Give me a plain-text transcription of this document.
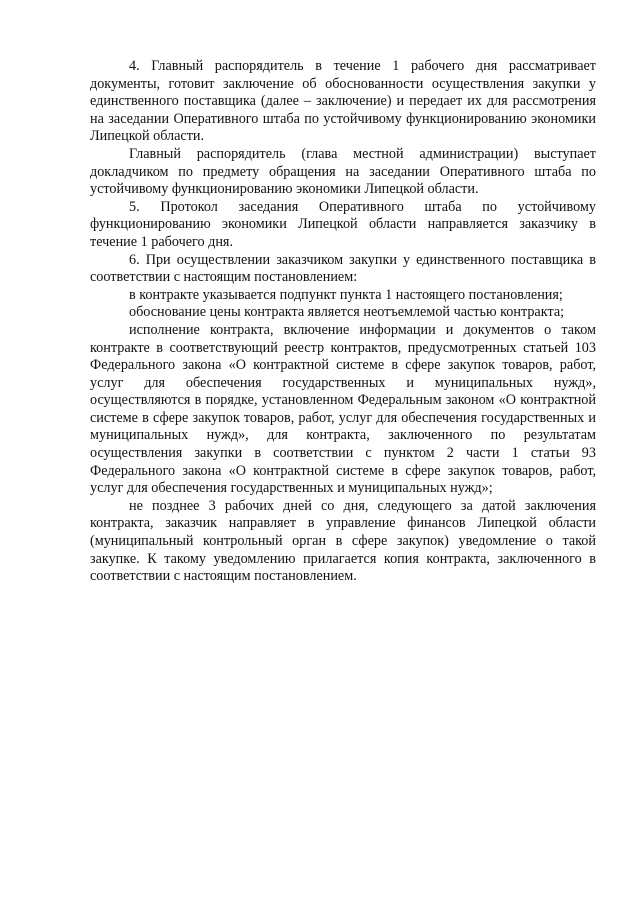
4. Главный распорядитель в течение 1 рабочего дня рассматривает документы, готовит заключение об обоснованности осуществления закупки у единственного поставщика (далее – заключение) и передает их для рассмотрения на заседании Оперативного штаба по устойчивому функционированию экономики Липецкой области.

Главный распорядитель (глава местной администрации) выступает докладчиком по предмету обращения на заседании Оперативного штаба по устойчивому функционированию экономики Липецкой области.

5. Протокол заседания Оперативного штаба по устойчивому функционированию экономики Липецкой области направляется заказчику в течение 1 рабочего дня.

6. При осуществлении заказчиком закупки у единственного поставщика в соответствии с настоящим постановлением:

в контракте указывается подпункт пункта 1 настоящего постановления;

обоснование цены контракта является неотъемлемой частью контракта;

исполнение контракта, включение информации и документов о таком контракте в соответствующий реестр контрактов, предусмотренных статьей 103 Федерального закона «О контрактной системе в сфере закупок товаров, работ, услуг для обеспечения государственных и муниципальных нужд», осуществляются в порядке, установленном Федеральным законом «О контрактной системе в сфере закупок товаров, работ, услуг для обеспечения государственных и муниципальных нужд», для контракта, заключенного по результатам осуществления закупки в соответствии с пунктом 2 части 1 статьи 93 Федерального закона «О контрактной системе в сфере закупок товаров, работ, услуг для обеспечения государственных и муниципальных нужд»;

не позднее 3 рабочих дней со дня, следующего за датой заключения контракта, заказчик направляет в управление финансов Липецкой области (муниципальный контрольный орган в сфере закупок) уведомление о такой закупке. К такому уведомлению прилагается копия контракта, заключенного в соответствии с настоящим постановлением.
